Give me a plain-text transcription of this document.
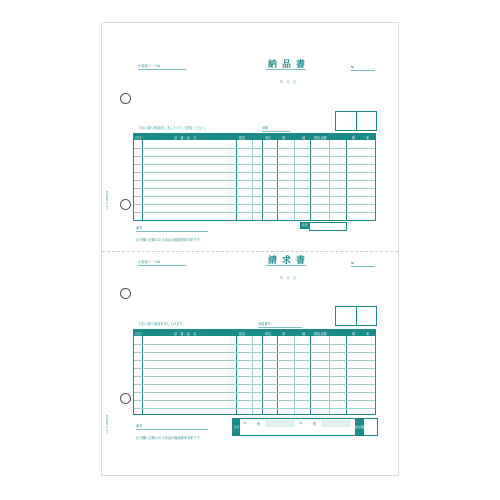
お客様コード№	納品書	№
年　月　日
下記の通り納品致しましたのでご査収ください。	前略
月日	品　番・品　名	数量	単位	単	価	税抜金額	税	率
受領
備考
区分欄に記載のある商品は軽減税率対象です。
ヒサゴ BS626
お客様コード№	請求書	№
年　月　日
下記の通り御請求申し上げます。	登録番号：
月日	品　番・品　名	数量	単位	単	価	税抜金額	税	率
合計
%	税	%	税
請求額
備考
区分欄に記載のある商品は軽減税率対象です。
ヒサゴ BS626
